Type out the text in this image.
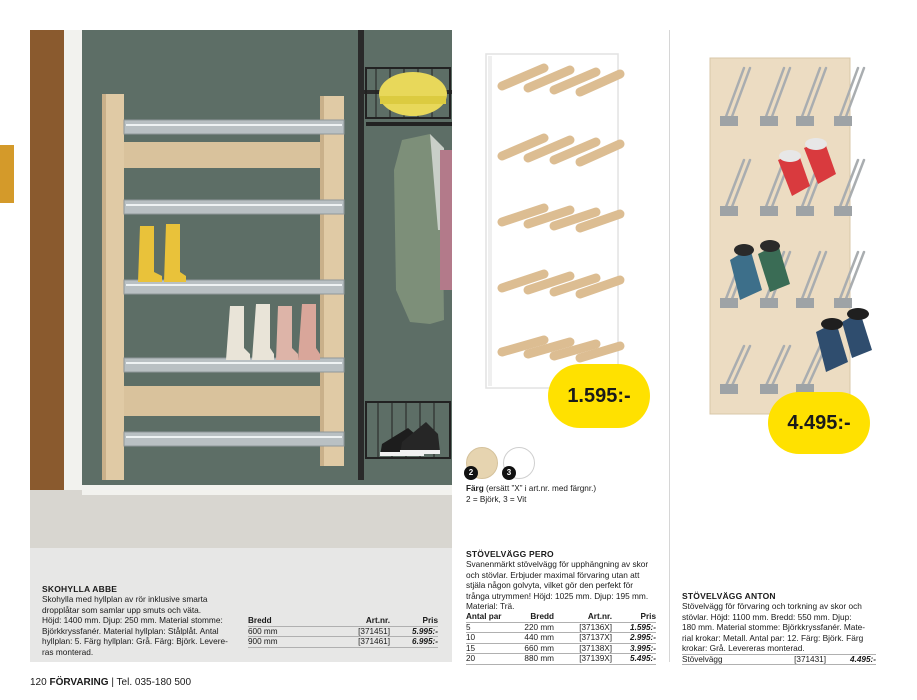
SKOHYLLA ABBE
Skohylla med hyllplan av rör inklusive smarta
dropplåtar som samlar upp smuts och väta.
Höjd: 1400 mm. Djup: 250 mm. Material stomme:
Björkkryssfanér. Material hyllplan: Stålplåt. Antal
hyllplan: 5. Färg hyllplan: Grå. Färg: Björk. Levere-
ras monterad.
Bredd	Art.nr.	Pris
600 mm	[371451]	5.995:-
900 mm	[371461]	6.995:-
1.595:-
2	3
Färg (ersätt ”X” i art.nr. med färgnr.)
2 = Björk, 3 = Vit
STÖVELVÄGG PERO
Svanenmärkt stövelvägg för upphängning av skor
och stövlar. Erbjuder maximal förvaring utan att
stjäla någon golvyta, vilket gör den perfekt för
trånga utrymmen! Höjd: 1025 mm. Djup: 195 mm.
Material: Trä.
Antal par	Bredd	Art.nr.	Pris
5	220 mm	[37136X]	1.595:-
10	440 mm	[37137X]	2.995:-
15	660 mm	[37138X]	3.995:-
20	880 mm	[37139X]	5.495:-
4.495:-
STÖVELVÄGG ANTON
Stövelvägg för förvaring och torkning av skor och
stövlar. Höjd: 1100 mm. Bredd: 550 mm. Djup:
180 mm. Material stomme: Björkkryssfanér. Mate-
rial krokar: Metall. Antal par: 12. Färg: Björk. Färg
krokar: Grå. Levereras monterad.
Stövelvägg	[371431]	4.495:-
120 FÖRVARING | Tel. 035-180 500
